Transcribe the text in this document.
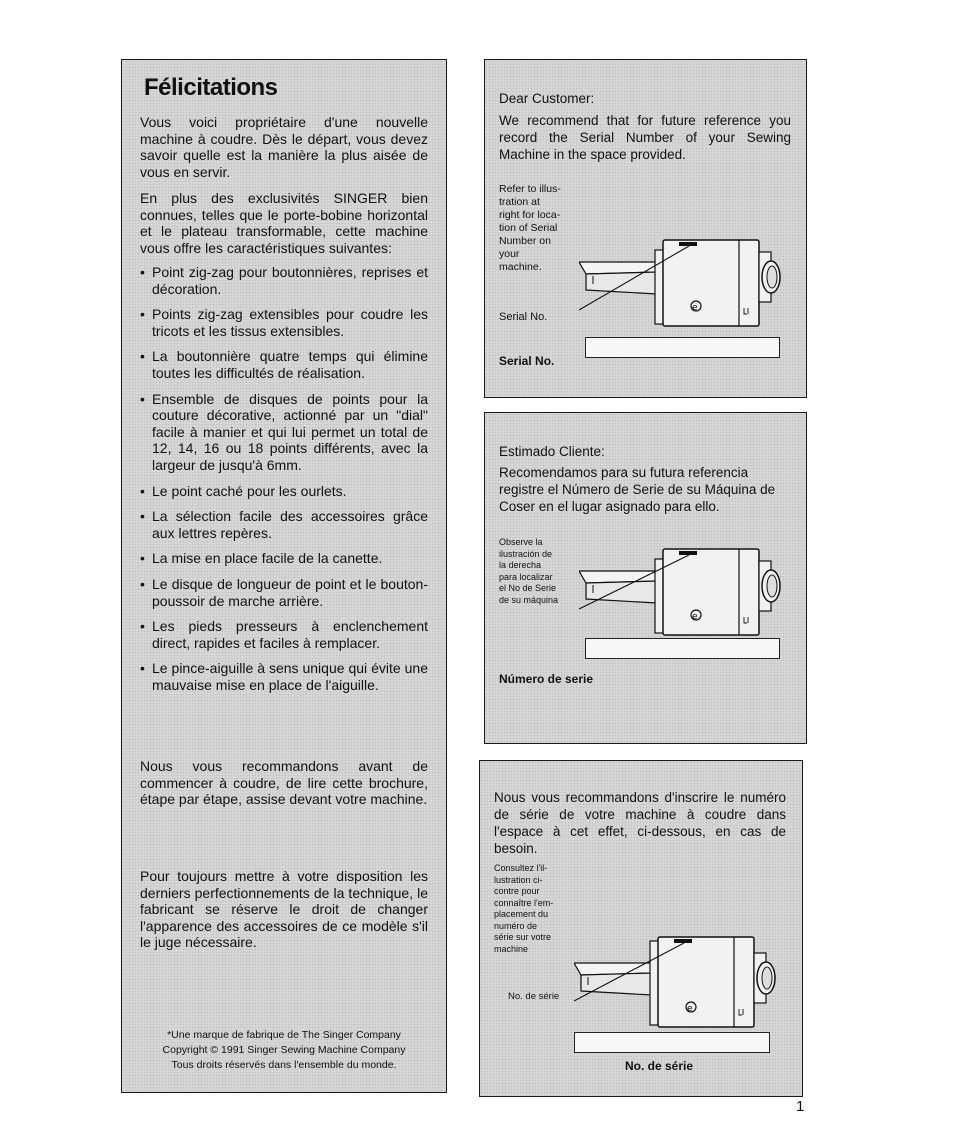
Félicitations
Vous voici propriétaire d'une nouvelle machine à coudre. Dès le départ, vous devez savoir quelle est la manière la plus aisée de vous en servir.
En plus des exclusivités SINGER bien connues, telles que le porte-bobine horizontal et le plateau transformable, cette machine vous offre les caractéristiques suivantes:
• Point zig-zag pour boutonnières, reprises et décoration.
• Points zig-zag extensibles pour coudre les tricots et les tissus extensibles.
• La boutonnière quatre temps qui élimine toutes les difficultés de réalisation.
• Ensemble de disques de points pour la couture décorative, actionné par un "dial" facile à manier et qui lui permet un total de 12, 14, 16 ou 18 points différents, avec la largeur de jusqu'à 6mm.
• Le point caché pour les ourlets.
• La sélection facile des accessoires grâce aux lettres repères.
• La mise en place facile de la canette.
• Le disque de longueur de point et le bouton-poussoir de marche arrière.
• Les pieds presseurs à enclenchement direct, rapides et faciles à remplacer.
• Le pince-aiguille à sens unique qui évite une mauvaise mise en place de l'aiguille.
Nous vous recommandons avant de commencer à coudre, de lire cette brochure, étape par étape, assise devant votre machine.
Pour toujours mettre à votre disposition les derniers perfectionnements de la technique, le fabricant se réserve le droit de changer l'apparence des accessoires de ce modèle s'il le juge nécessaire.
*Une marque de fabrique de The Singer Company
Copyright © 1991 Singer Sewing Machine Company
Tous droits réservés dans l'ensemble du monde.
Dear Customer:
We recommend that for future reference you record the Serial Number of your Sewing Machine in the space provided.
Refer to illus-
tration at
right for loca-
tion of Serial
Number on
your
machine.
e
Serial No.
Serial No.
Estimado Cliente:
Recomendamos para su futura referencia registre el Número de Serie de su Máquina de Coser en el lugar asignado para ello.
Observe la
ilustración de
la derecha
para localizar
el No de Serie
de su máquina
e
Número de serie
Nous vous recommandons d'inscrire le numéro de série de votre machine à coudre dans l'espace à cet effet, ci-dessous, en cas de besoin.
Consultez l'il-
lustration ci-
contre pour
connaître l'em-
placement du
numéro de
série sur votre
machine
e
No. de série
No. de série
1
